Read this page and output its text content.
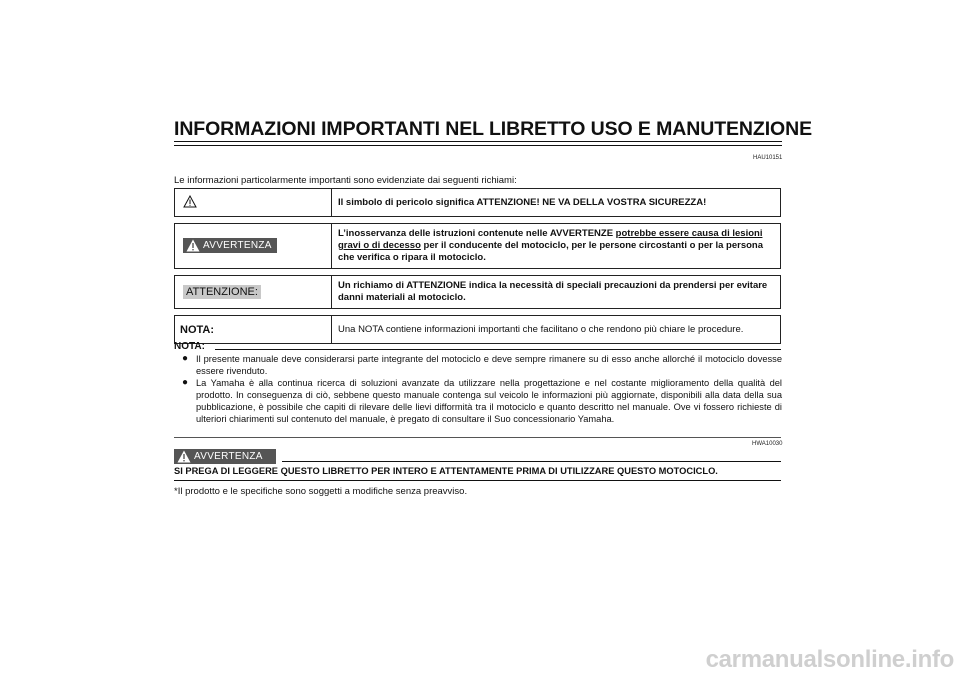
INFORMAZIONI IMPORTANTI NEL LIBRETTO USO E MANUTENZIONE
HAU10151
Le informazioni particolarmente importanti sono evidenziate dai seguenti richiami:
	Il simbolo di pericolo significa ATTENZIONE! NE VA DELLA VOSTRA SICUREZZA!

AVVERTENZA	L’inosservanza delle istruzioni contenute nelle AVVERTENZE potrebbe essere causa di lesioni gravi o di decesso per il conducente del motociclo, per le persone circostanti o per la persona che verifica o ripara il motociclo.

ATTENZIONE:	Un richiamo di ATTENZIONE indica la necessità di speciali precauzioni da prendersi per evitare danni materiali al motociclo.

NOTA:	Una NOTA contiene informazioni importanti che facilitano o che rendono più chiare le procedure.
NOTA:
● Il presente manuale deve considerarsi parte integrante del motociclo e deve sempre rimanere su di esso anche allorché il motociclo dovesse essere rivenduto.
● La Yamaha è alla continua ricerca di soluzioni avanzate da utilizzare nella progettazione e nel costante miglioramento della qualità del prodotto. In conseguenza di ciò, sebbene questo manuale contenga sul veicolo le informazioni più aggiornate, disponibili alla data della sua pubblicazione, è possibile che capiti di rilevare delle lievi difformità tra il motociclo e quanto descritto nel manuale. Ove vi fossero richieste di ulteriori chiarimenti sul contenuto del manuale, è pregato di consultare il Suo concessionario Yamaha.
HWA10030
AVVERTENZA
SI PREGA DI LEGGERE QUESTO LIBRETTO PER INTERO E ATTENTAMENTE PRIMA DI UTILIZZARE QUESTO MOTOCICLO.
*Il prodotto e le specifiche sono soggetti a modifiche senza preavviso.
carmanualsonline.info
